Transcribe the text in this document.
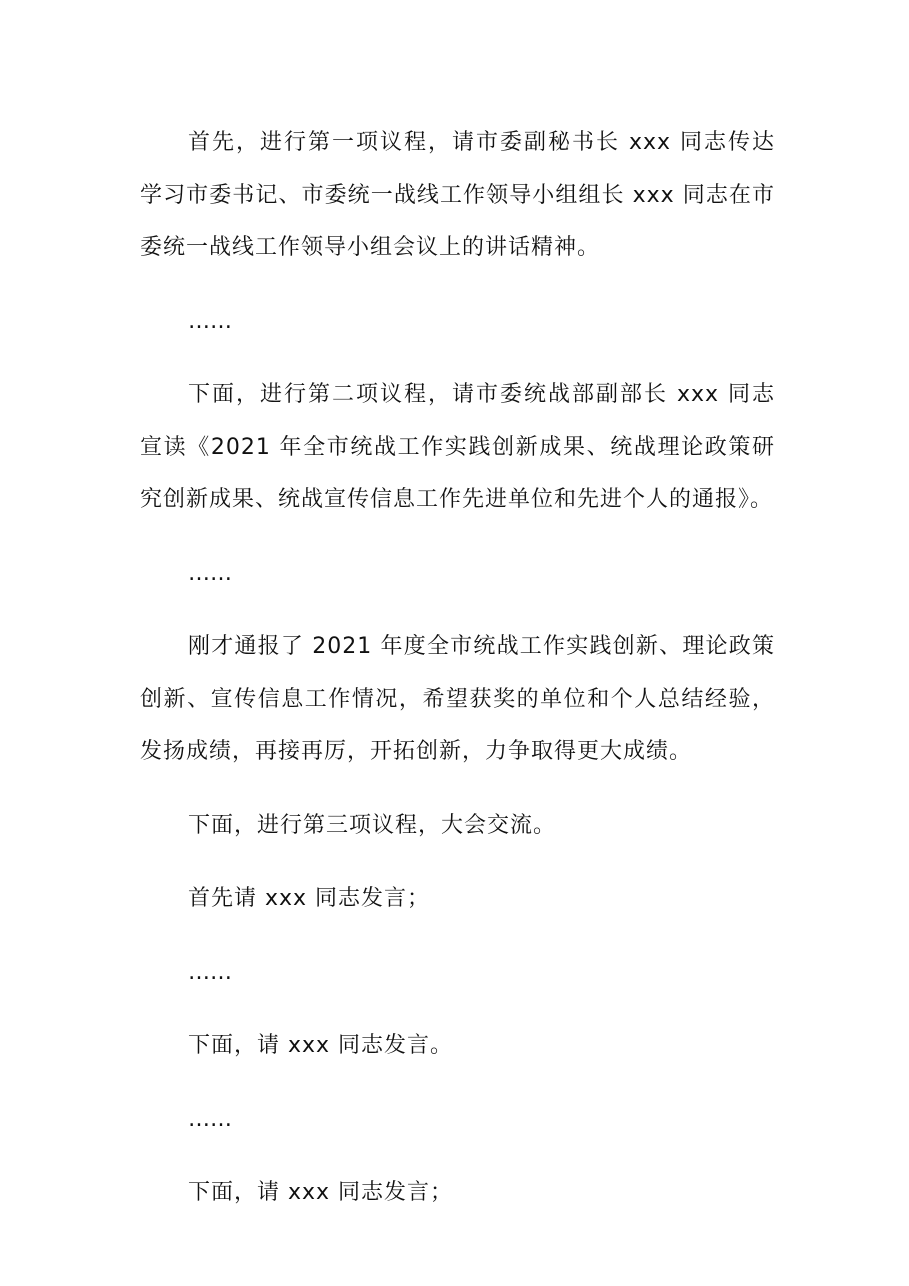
首先，进行第一项议程，请市委副秘书长 xxx 同志传达学习市委书记、市委统一战线工作领导小组组长 xxx 同志在市委统一战线工作领导小组会议上的讲话精神。

……

下面，进行第二项议程，请市委统战部副部长 xxx 同志宣读《2021 年全市统战工作实践创新成果、统战理论政策研究创新成果、统战宣传信息工作先进单位和先进个人的通报》。

……

刚才通报了 2021 年度全市统战工作实践创新、理论政策创新、宣传信息工作情况，希望获奖的单位和个人总结经验，发扬成绩，再接再厉，开拓创新，力争取得更大成绩。

下面，进行第三项议程，大会交流。

首先请 xxx 同志发言；

……

下面，请 xxx 同志发言。

……

下面，请 xxx 同志发言；
